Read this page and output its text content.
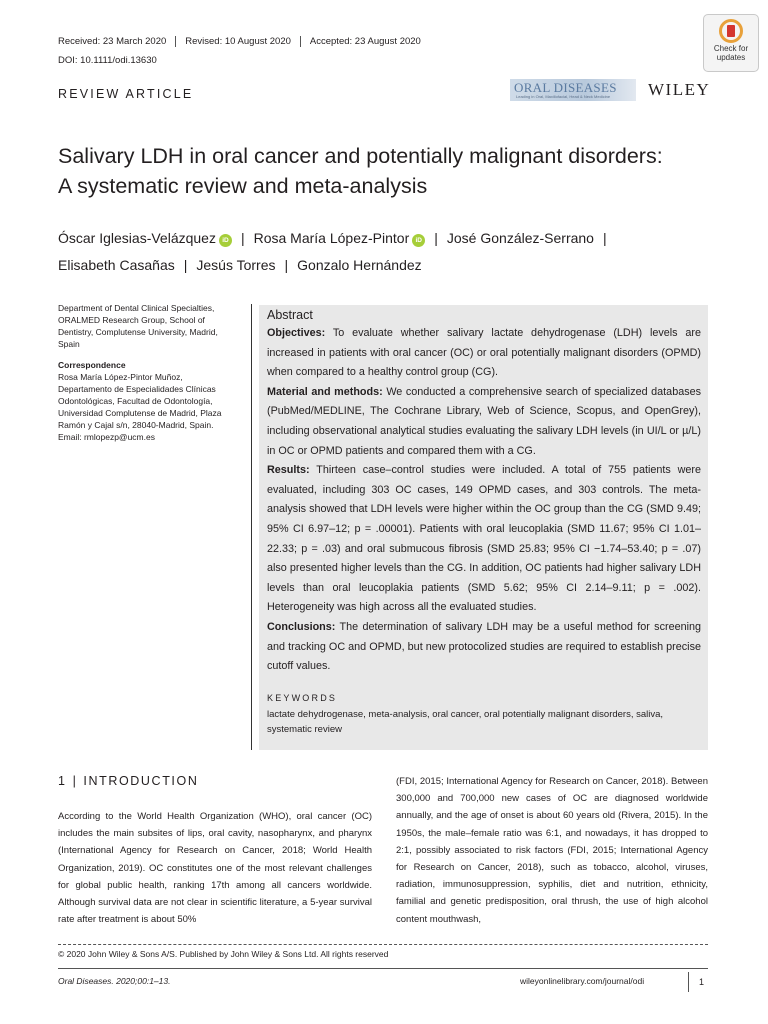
Received: 23 March 2020	Revised: 10 August 2020	Accepted: 23 August 2020
DOI: 10.1111/odi.13630
REVIEW ARTICLE	ORAL DISEASES
Leading in Oral, Maxillofacial, Head & Neck Medicine WILEY
Check for updates
Salivary LDH in oral cancer and potentially malignant disorders:
A systematic review and meta-analysis
Óscar Iglesias-Velázquez iD | Rosa María López-Pintor iD | José González-Serrano |
Elisabeth Casañas | Jesús Torres | Gonzalo Hernández

Department of Dental Clinical Specialties, ORALMED Research Group, School of Dentistry, Complutense University, Madrid, Spain

Correspondence
Rosa María López-Pintor Muñoz,
Departamento de Especialidades Clínicas Odontológicas, Facultad de Odontología, Universidad Complutense de Madrid, Plaza Ramón y Cajal s/n, 28040-Madrid, Spain.
Email: rmlopezp@ucm.es
Abstract

Objectives: To evaluate whether salivary lactate dehydrogenase (LDH) levels are increased in patients with oral cancer (OC) or oral potentially malignant disorders (OPMD) when compared to a healthy control group (CG).

Material and methods: We conducted a comprehensive search of specialized databases (PubMed/MEDLINE, The Cochrane Library, Web of Science, Scopus, and OpenGrey), including observational analytical studies evaluating the salivary LDH levels (in UI/L or µ/L) in OC or OPMD patients and compared them with a CG.

Results: Thirteen case–control studies were included. A total of 755 patients were evaluated, including 303 OC cases, 149 OPMD cases, and 303 controls. The meta-analysis showed that LDH levels were higher within the OC group than the CG (SMD 9.49; 95% CI 6.97–12; p = .00001). Patients with oral leucoplakia (SMD 11.67; 95% CI 1.01–22.33; p = .03) and oral submucous fibrosis (SMD 25.83; 95% CI −1.74–53.40; p = .07) also presented higher levels than the CG. In addition, OC patients had higher salivary LDH levels than oral leucoplakia patients (SMD 5.62; 95% CI 2.14–9.11; p = .002). Heterogeneity was high across all the evaluated studies.

Conclusions: The determination of salivary LDH may be a useful method for screening and tracking OC and OPMD, but new protocolized studies are required to establish precise cutoff values.

KEYWORDS
lactate dehydrogenase, meta-analysis, oral cancer, oral potentially malignant disorders, saliva, systematic review
1 | INTRODUCTION
According to the World Health Organization (WHO), oral cancer (OC) includes the main subsites of lips, oral cavity, nasopharynx, and pharynx (International Agency for Research on Cancer, 2018; World Health Organization, 2019). OC constitutes one of the most relevant challenges for global public health, ranking 17th among all cancers worldwide. Although survival data are not clear in scientific literature, a 5-year survival rate after treatment is about 50%
(FDI, 2015; International Agency for Research on Cancer, 2018). Between 300,000 and 700,000 new cases of OC are diagnosed worldwide annually, and the age of onset is about 60 years old (Rivera, 2015). In the 1950s, the male–female ratio was 6:1, and nowadays, it has dropped to 2:1, possibly associated to risk factors (FDI, 2015; International Agency for Research on Cancer, 2018), such as tobacco, alcohol, viruses, radiation, immunosuppression, syphilis, diet and nutrition, ethnicity, familial and genetic predisposition, oral thrush, the use of high alcohol content mouthwash,
© 2020 John Wiley & Sons A/S. Published by John Wiley & Sons Ltd. All rights reserved
Oral Diseases. 2020;00:1–13.	wileyonlinelibrary.com/journal/odi	1
